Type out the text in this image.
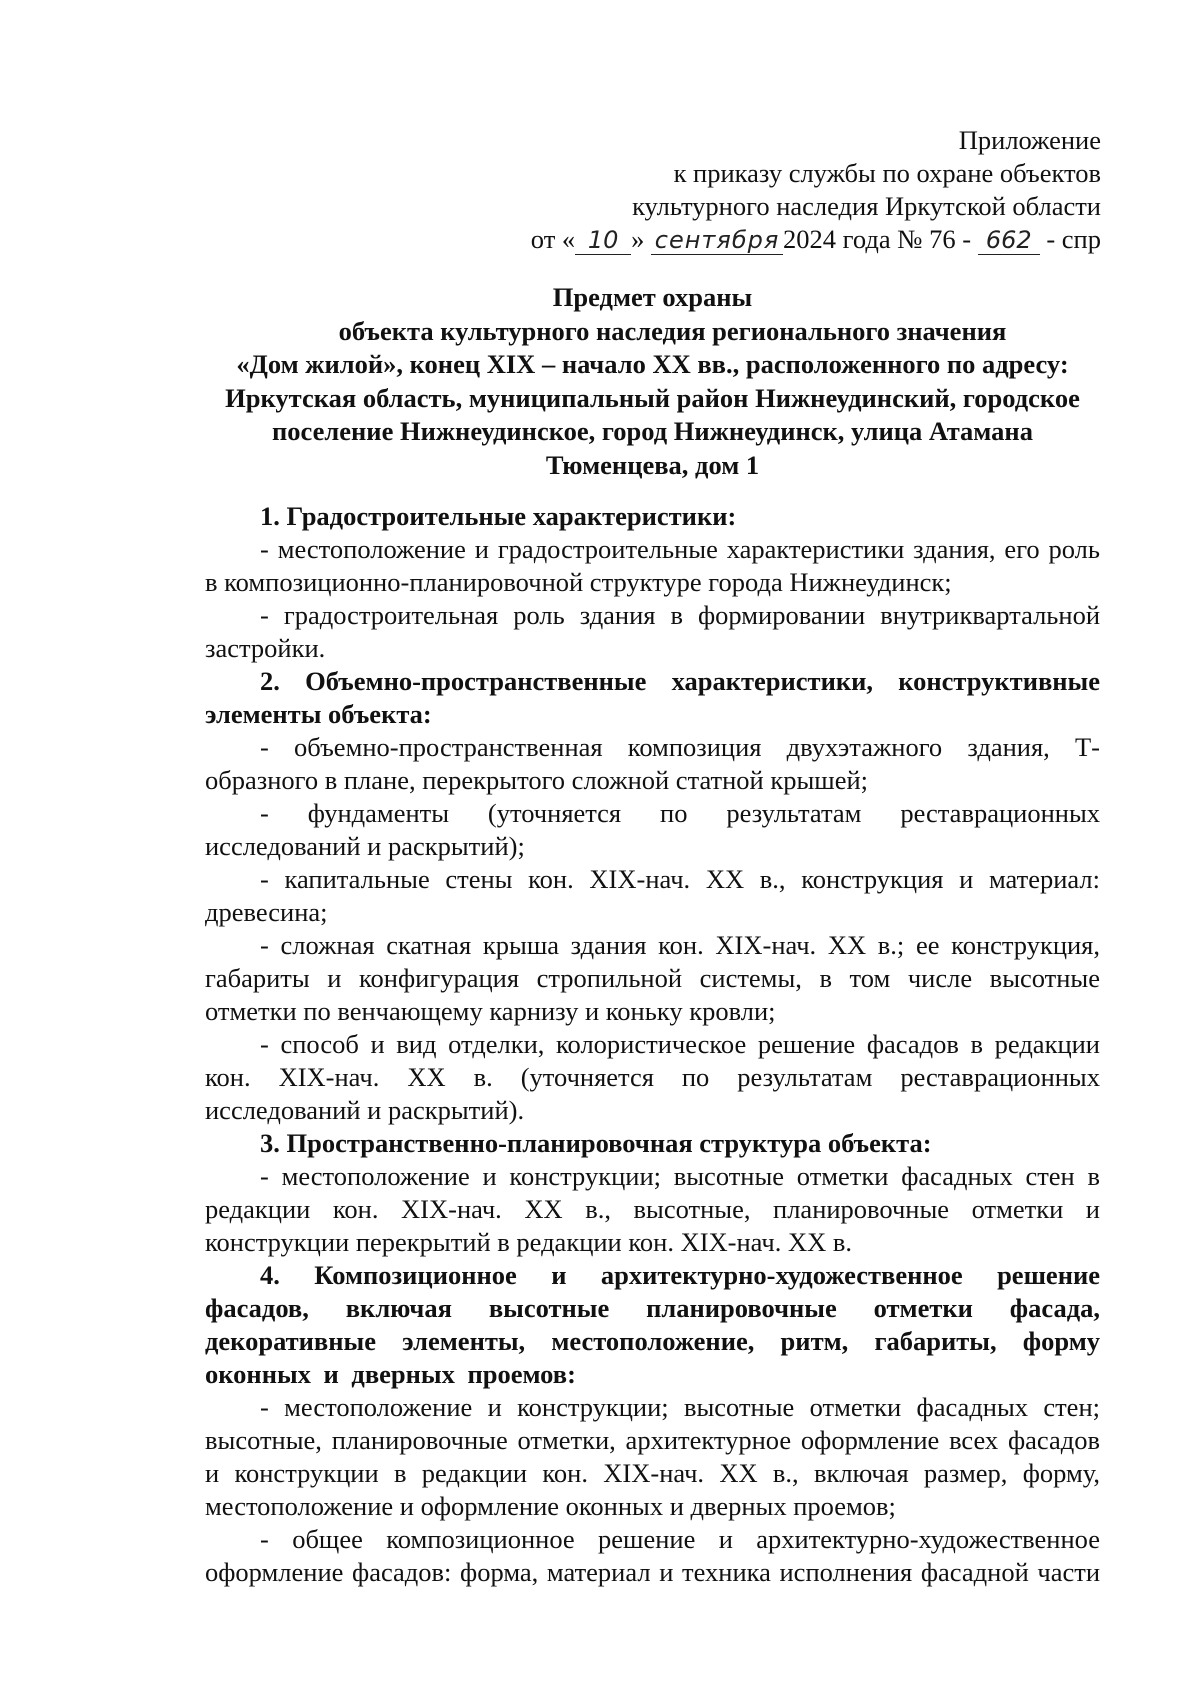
Приложение
к приказу службы по охране объектов
культурного наследия Иркутской области
от « 10 » сентября 2024 года № 76 - 662 - спр
Предмет охраны
объекта культурного наследия регионального значения
«Дом жилой», конец XIX – начало XX вв., расположенного по адресу:
Иркутская область, муниципальный район Нижнеудинский, городское
поселение Нижнеудинское, город Нижнеудинск, улица Атамана
Тюменцева, дом 1

1. Градостроительные характеристики:

- местоположение и градостроительные характеристики здания, его роль в композиционно-планировочной структуре города Нижнеудинск;

- градостроительная роль здания в формировании внутриквартальной застройки.

2. Объемно-пространственные характеристики, конструктивные элементы объекта:

- объемно-пространственная композиция двухэтажного здания, Т-образного в плане, перекрытого сложной статной крышей;

- фундаменты (уточняется по результатам реставрационных исследований и раскрытий);

- капитальные стены кон. XIX-нач. XX в., конструкция и материал: древесина;

- сложная скатная крыша здания кон. XIX-нач. XX в.; ее конструкция, габариты и конфигурация стропильной системы, в том числе высотные отметки по венчающему карнизу и коньку кровли;

- способ и вид отделки, колористическое решение фасадов в редакции кон. XIX-нач. XX в. (уточняется по результатам реставрационных исследований и раскрытий).

3. Пространственно-планировочная структура объекта:

- местоположение и конструкции; высотные отметки фасадных стен в редакции кон. XIX-нач. XX в., высотные, планировочные отметки и конструкции перекрытий в редакции кон. XIX-нач. XX в.

4. Композиционное и архитектурно-художественное решение фасадов, включая высотные планировочные отметки фасада, декоративные элементы, местоположение, ритм, габариты, форму оконных и дверных проемов:

- местоположение и конструкции; высотные отметки фасадных стен; высотные, планировочные отметки, архитектурное оформление всех фасадов и конструкции в редакции кон. XIX-нач. XX в., включая размер, форму, местоположение и оформление оконных и дверных проемов;

- общее композиционное решение и архитектурно-художественное оформление фасадов: форма, материал и техника исполнения фасадной части
